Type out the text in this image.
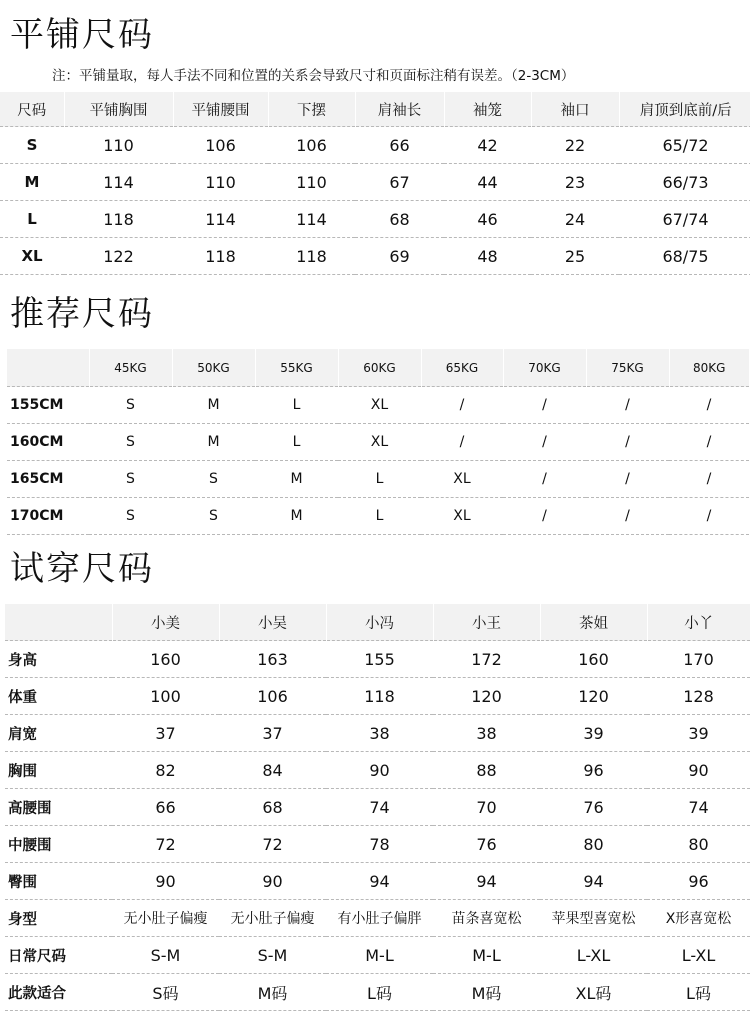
平铺尺码
注：平铺量取，每人手法不同和位置的关系会导致尺寸和页面标注稍有误差。（2-3CM）
尺码	平铺胸围	平铺腰围	下摆	肩袖长	袖笼	袖口	肩顶到底前/后
S	110	106	106	66	42	22	65/72
M	114	110	110	67	44	23	66/73
L	118	114	114	68	46	24	67/74
XL	122	118	118	69	48	25	68/75
推荐尺码
	45KG	50KG	55KG	60KG	65KG	70KG	75KG	80KG
155CM	S	M	L	XL	/	/	/	/
160CM	S	M	L	XL	/	/	/	/
165CM	S	S	M	L	XL	/	/	/
170CM	S	S	M	L	XL	/	/	/
试穿尺码
	小美	小吴	小冯	小王	茶姐	小丫
身高	160	163	155	172	160	170
体重	100	106	118	120	120	128
肩宽	37	37	38	38	39	39
胸围	82	84	90	88	96	90
高腰围	66	68	74	70	76	74
中腰围	72	72	78	76	80	80
臀围	90	90	94	94	94	96
身型	无小肚子偏瘦	无小肚子偏瘦	有小肚子偏胖	苗条喜宽松	苹果型喜宽松	X形喜宽松
日常尺码	S-M	S-M	M-L	M-L	L-XL	L-XL
此款适合	S码	M码	L码	M码	XL码	L码
